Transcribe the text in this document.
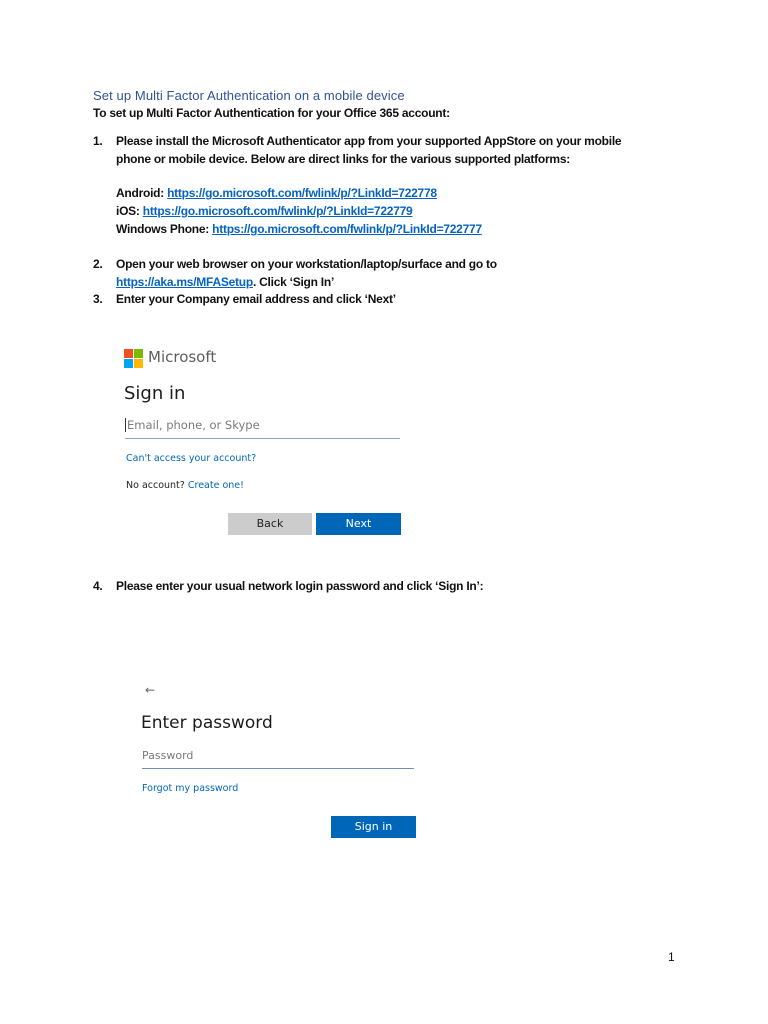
Set up Multi Factor Authentication on a mobile device
To set up Multi Factor Authentication for your Office 365 account:
1. Please install the Microsoft Authenticator app from your supported AppStore on your mobile
phone or mobile device. Below are direct links for the various supported platforms:
Android: https://go.microsoft.com/fwlink/p/?LinkId=722778
iOS: https://go.microsoft.com/fwlink/p/?LinkId=722779
Windows Phone: https://go.microsoft.com/fwlink/p/?LinkId=722777
2. Open your web browser on your workstation/laptop/surface and go to
https://aka.ms/MFASetup. Click ‘Sign In’
3. Enter your Company email address and click ‘Next’
Microsoft
Sign in
Email, phone, or Skype
Can't access your account?
No account? Create one!
Back	Next
4. Please enter your usual network login password and click ‘Sign In’:
←
Enter password
Password
Forgot my password
Sign in
1
